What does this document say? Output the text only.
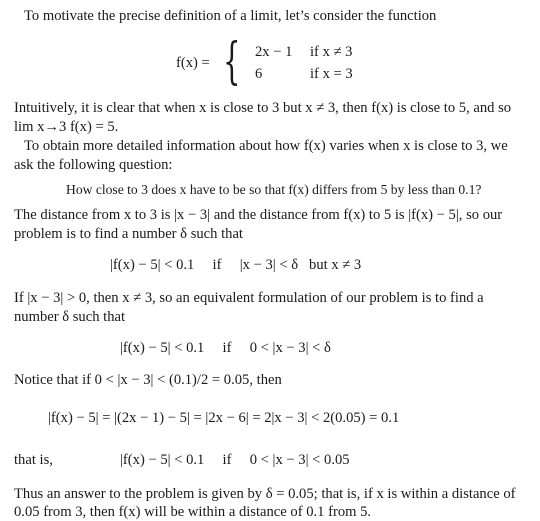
To motivate the precise definition of a limit, let’s consider the function
f(x) = { 2x − 1 if x ≠ 3
6	if x = 3
Intuitively, it is clear that when x is close to 3 but x ≠ 3, then f(x) is close to 5, and so
lim x→3 f(x) = 5.
To obtain more detailed information about how f(x) varies when x is close to 3, we
ask the following question:
How close to 3 does x have to be so that f(x) differs from 5 by less than 0.1?
The distance from x to 3 is |x − 3| and the distance from f(x) to 5 is |f(x) − 5|, so our
problem is to find a number δ such that
|f(x) − 5| < 0.1     if     |x − 3| < δ   but x ≠ 3
If |x − 3| > 0, then x ≠ 3, so an equivalent formulation of our problem is to find a
number δ such that
|f(x) − 5| < 0.1     if     0 < |x − 3| < δ
Notice that if 0 < |x − 3| < (0.1)/2 = 0.05, then
|f(x) − 5| = |(2x − 1) − 5| = |2x − 6| = 2|x − 3| < 2(0.05) = 0.1
that is,	|f(x) − 5| < 0.1     if     0 < |x − 3| < 0.05
Thus an answer to the problem is given by δ = 0.05; that is, if x is within a distance of
0.05 from 3, then f(x) will be within a distance of 0.1 from 5.
